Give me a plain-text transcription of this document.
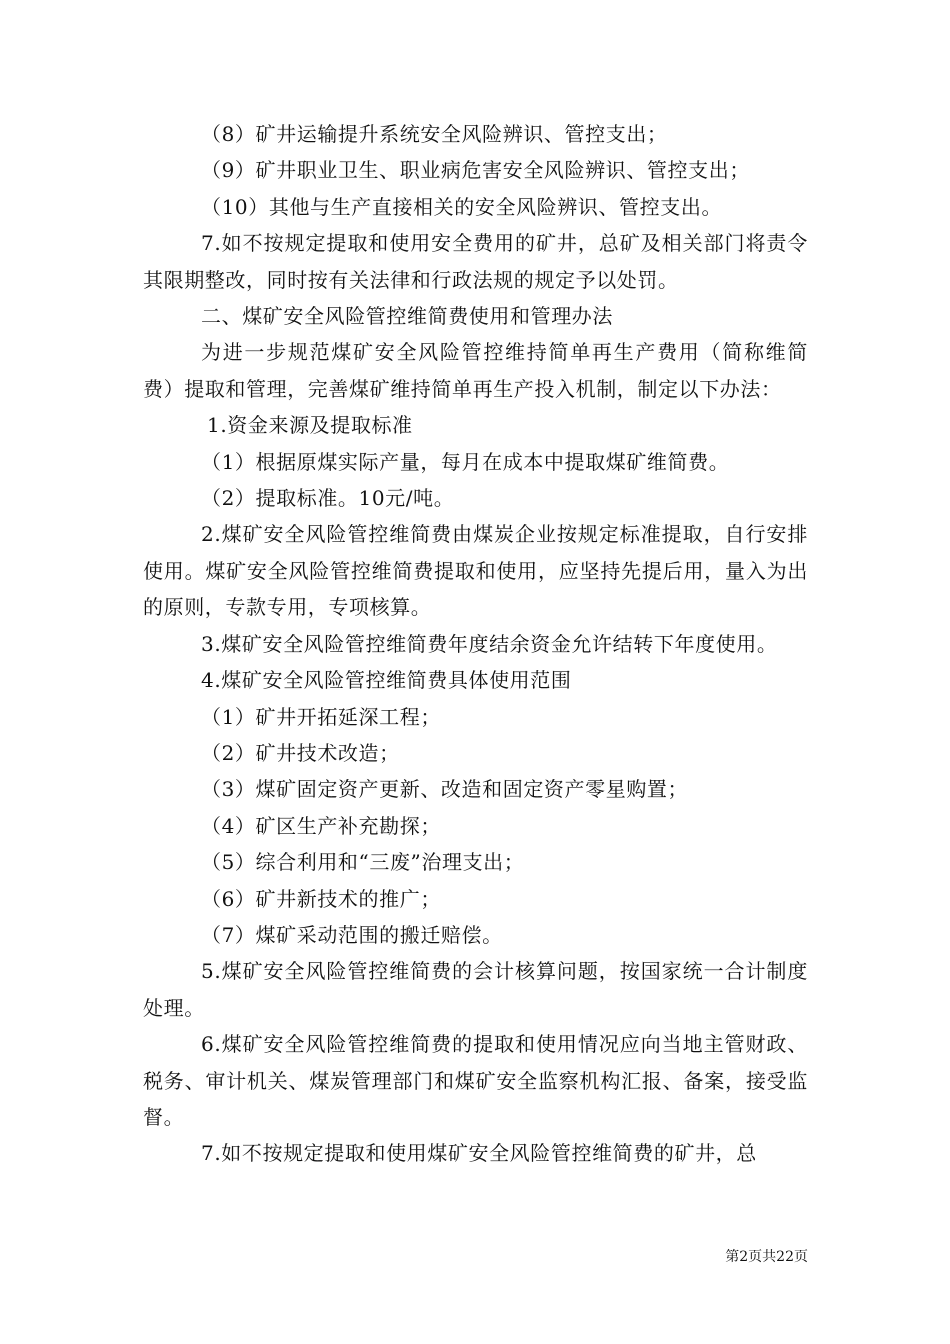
（8）矿井运输提升系统安全风险辨识、管控支出；

（9）矿井职业卫生、职业病危害安全风险辨识、管控支出；

（10）其他与生产直接相关的安全风险辨识、管控支出。

7.如不按规定提取和使用安全费用的矿井，总矿及相关部门将责令其限期整改，同时按有关法律和行政法规的规定予以处罚。

二、煤矿安全风险管控维简费使用和管理办法

为进一步规范煤矿安全风险管控维持简单再生产费用（简称维简费）提取和管理，完善煤矿维持简单再生产投入机制，制定以下办法：

1.资金来源及提取标准

（1）根据原煤实际产量，每月在成本中提取煤矿维简费。

（2）提取标准。10元/吨。

2.煤矿安全风险管控维简费由煤炭企业按规定标准提取，自行安排使用。煤矿安全风险管控维简费提取和使用，应坚持先提后用，量入为出的原则，专款专用，专项核算。

3.煤矿安全风险管控维简费年度结余资金允许结转下年度使用。

4.煤矿安全风险管控维简费具体使用范围

（1）矿井开拓延深工程；

（2）矿井技术改造；

（3）煤矿固定资产更新、改造和固定资产零星购置；

（4）矿区生产补充勘探；

（5）综合利用和“三废”治理支出；

（6）矿井新技术的推广；

（7）煤矿采动范围的搬迁赔偿。

5.煤矿安全风险管控维简费的会计核算问题，按国家统一合计制度处理。

6.煤矿安全风险管控维简费的提取和使用情况应向当地主管财政、税务、审计机关、煤炭管理部门和煤矿安全监察机构汇报、备案，接受监督。

7.如不按规定提取和使用煤矿安全风险管控维简费的矿井，总

第2页共22页
